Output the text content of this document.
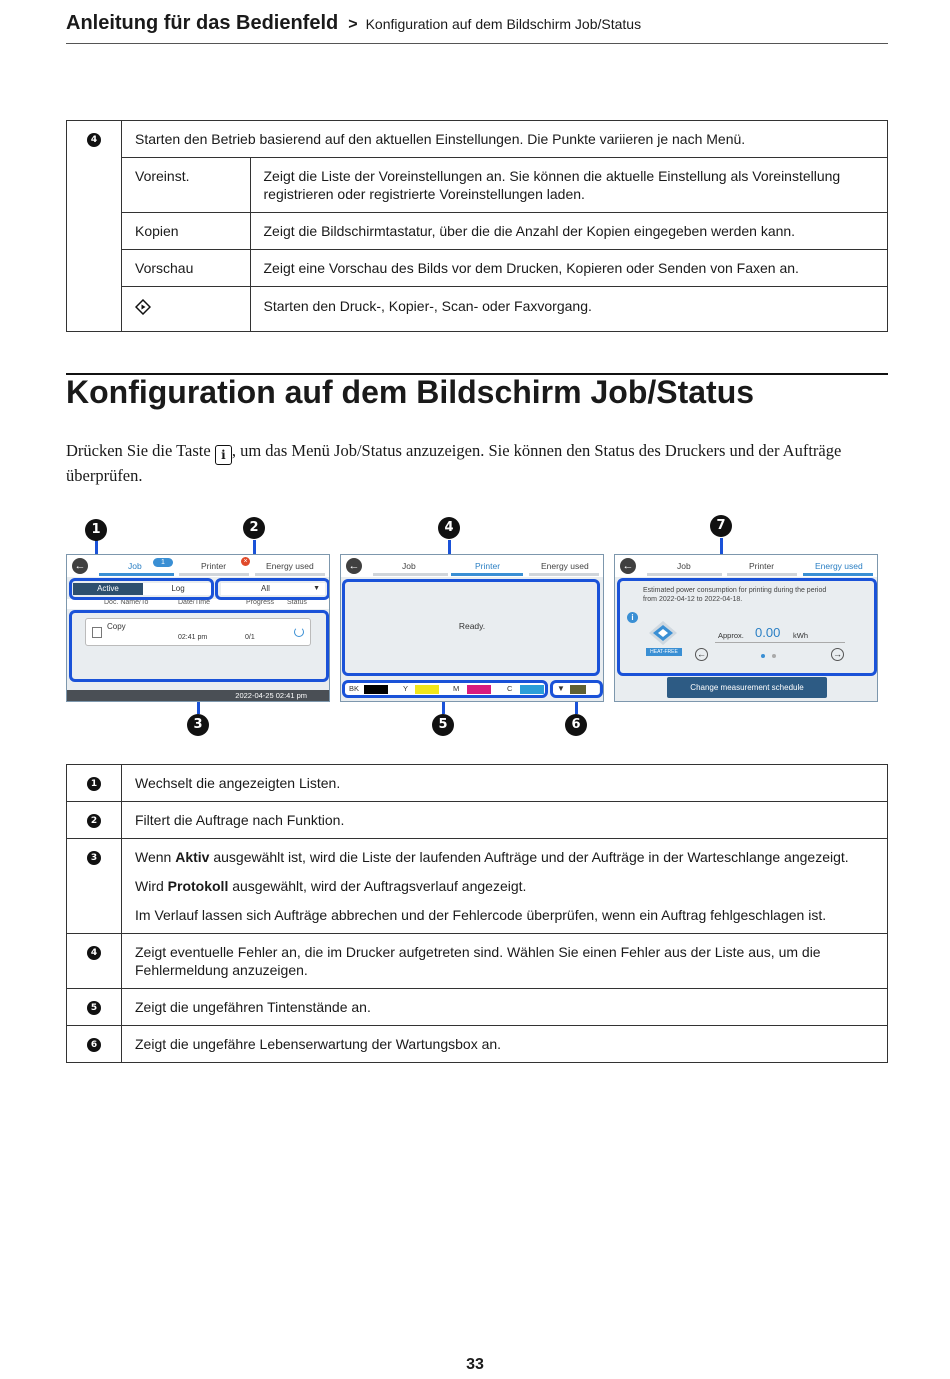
Anleitung für das Bedienfeld > Konfiguration auf dem Bildschirm Job/Status
4	Starten den Betrieb basierend auf den aktuellen Einstellungen. Die Punkte variieren je nach Menü.

Voreinst.	Zeigt die Liste der Voreinstellungen an. Sie können die aktuelle Einstellung als Voreinstellung registrieren oder registrierte Voreinstellungen laden.
Kopien	Zeigt die Bildschirmtastatur, über die die Anzahl der Kopien eingegeben werden kann.
Vorschau	Zeigt eine Vorschau des Bilds vor dem Drucken, Kopieren oder Senden von Faxen an.
	Starten den Druck-, Kopier-, Scan- oder Faxvorgang.
Konfiguration auf dem Bildschirm Job/Status

Drücken Sie die Taste i , um das Menü Job/Status anzuzeigen. Sie können den Status des Druckers und der Aufträge überprüfen.

←	Job	1	Printer	× Energy used
Active	Log	All	▼
Doc. Name/To	Date/Time	Progress Status
Copy
02:41 pm	0/1
2022-04-25 02:41 pm
←	Job	Printer	Energy used
Ready.
BK	Y	M	C	▼
←	Job	Printer	Energy used
Estimated power consumption for printing during the period
from 2022-04-12 to 2022-04-18.
i
HEAT-FREE
Approx. 0.00 kWh
←	→
Change measurement schedule
1	2
3
4
5	6
7
1	Wechselt die angezeigten Listen.
2	Filtert die Auftrage nach Funktion.
3	Wenn Aktiv ausgewählt ist, wird die Liste der laufenden Aufträge und der Aufträge in der Warteschlange angezeigt.
Wird Protokoll ausgewählt, wird der Auftragsverlauf angezeigt.
Im Verlauf lassen sich Aufträge abbrechen und der Fehlercode überprüfen, wenn ein Auftrag fehlgeschlagen ist.

4	Zeigt eventuelle Fehler an, die im Drucker aufgetreten sind. Wählen Sie einen Fehler aus der Liste aus, um die Fehlermeldung anzuzeigen.
5	Zeigt die ungefähren Tintenstände an.
6	Zeigt die ungefähre Lebenserwartung der Wartungsbox an.
33
